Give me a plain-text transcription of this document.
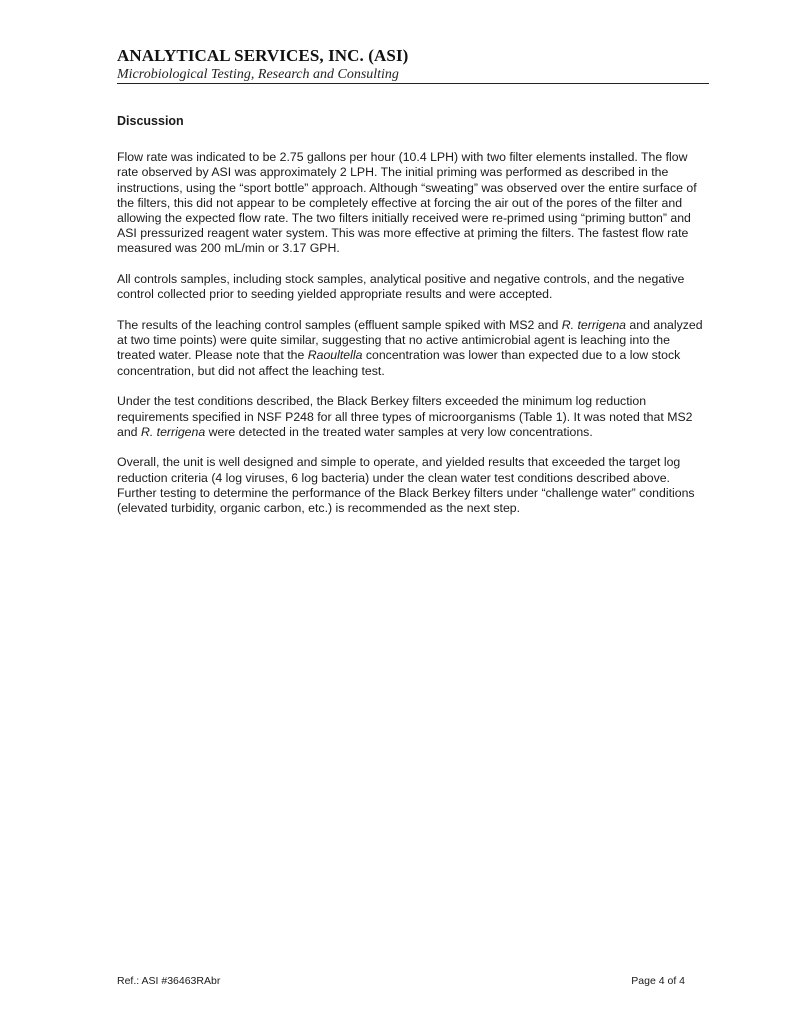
ANALYTICAL SERVICES, INC. (ASI)
Microbiological Testing, Research and Consulting
Discussion

Flow rate was indicated to be 2.75 gallons per hour (10.4 LPH) with two filter elements installed. The flow rate observed by ASI was approximately 2 LPH. The initial priming was performed as described in the instructions, using the “sport bottle” approach. Although “sweating” was observed over the entire surface of the filters, this did not appear to be completely effective at forcing the air out of the pores of the filter and allowing the expected flow rate. The two filters initially received were re-primed using “priming button” and ASI pressurized reagent water system. This was more effective at priming the filters. The fastest flow rate measured was 200 mL/min or 3.17 GPH.

All controls samples, including stock samples, analytical positive and negative controls, and the negative control collected prior to seeding yielded appropriate results and were accepted.

The results of the leaching control samples (effluent sample spiked with MS2 and R. terrigena and analyzed at two time points) were quite similar, suggesting that no active antimicrobial agent is leaching into the treated water. Please note that the Raoultella concentration was lower than expected due to a low stock concentration, but did not affect the leaching test.

Under the test conditions described, the Black Berkey filters exceeded the minimum log reduction requirements specified in NSF P248 for all three types of microorganisms (Table 1). It was noted that MS2 and R. terrigena were detected in the treated water samples at very low concentrations.

Overall, the unit is well designed and simple to operate, and yielded results that exceeded the target log reduction criteria (4 log viruses, 6 log bacteria) under the clean water test conditions described above. Further testing to determine the performance of the Black Berkey filters under “challenge water” conditions (elevated turbidity, organic carbon, etc.) is recommended as the next step.

Ref.: ASI #36463RAbr	Page 4 of 4
